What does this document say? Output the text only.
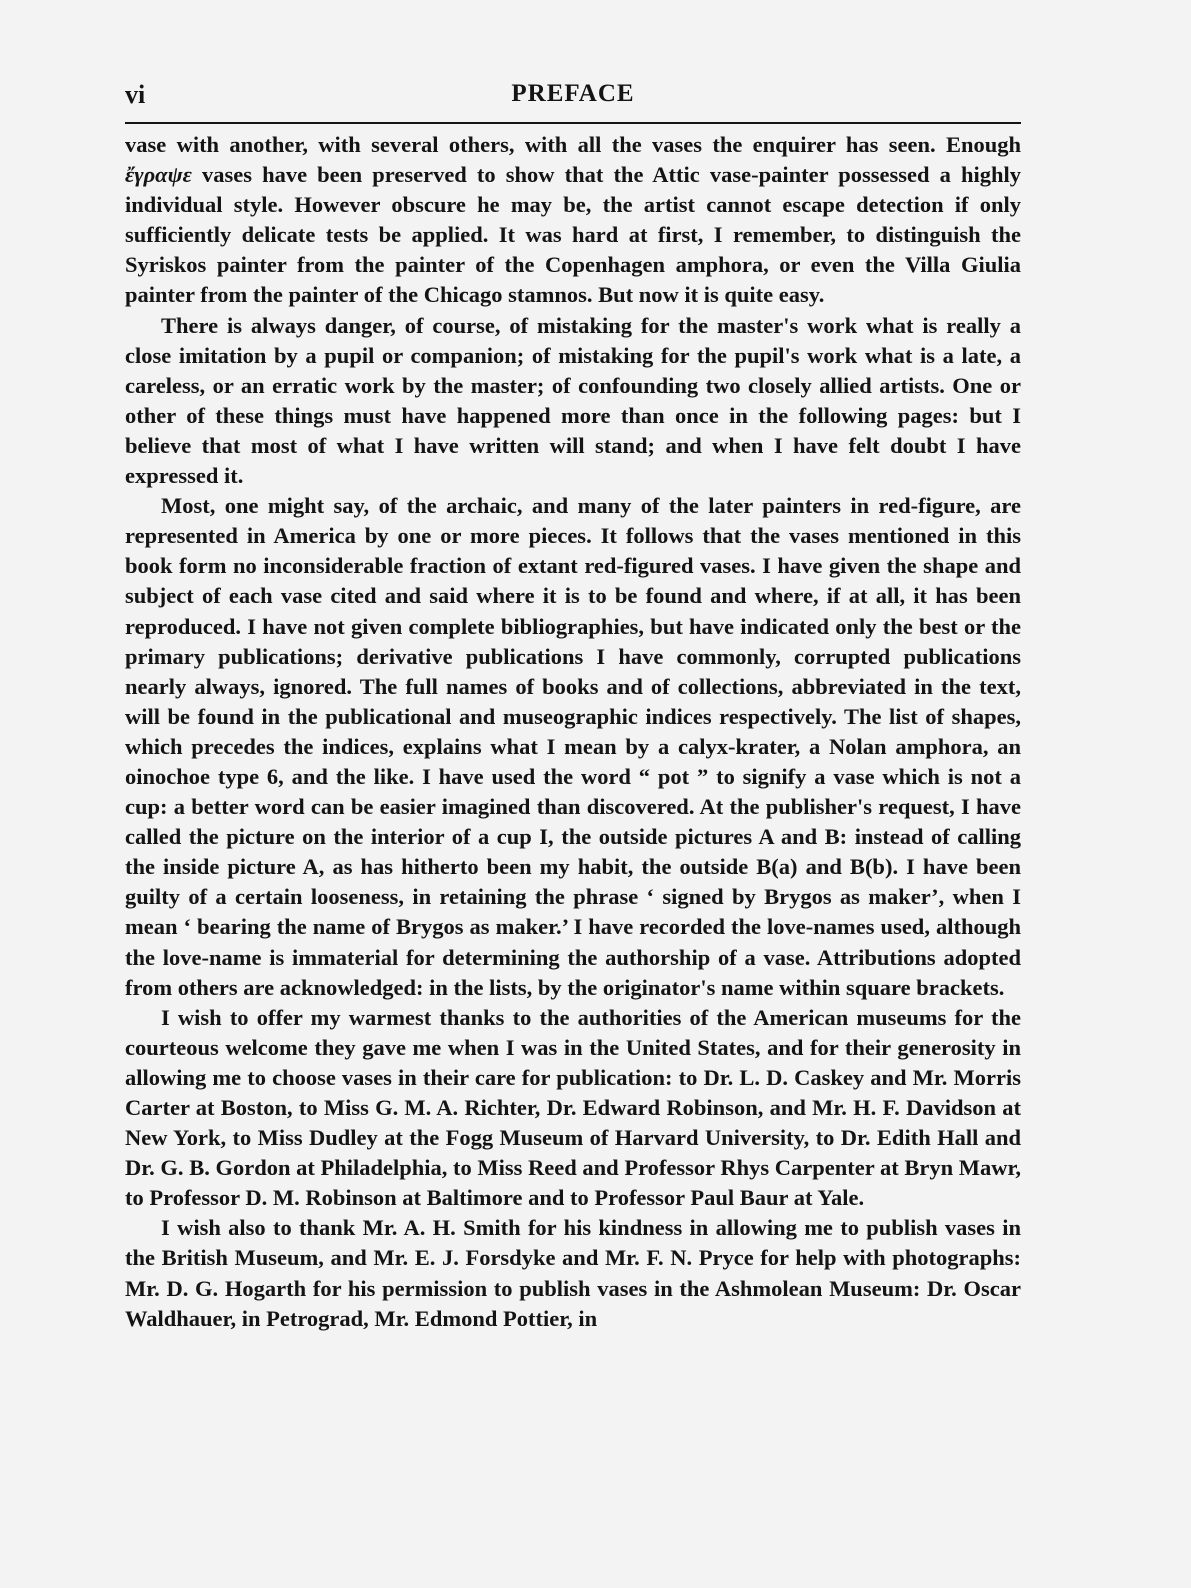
vi	PREFACE

vase with another, with several others, with all the vases the enquirer has seen. Enough ἔγραψε vases have been preserved to show that the Attic vase-painter possessed a highly individual style. However obscure he may be, the artist cannot escape detection if only sufficiently delicate tests be applied. It was hard at first, I remember, to distinguish the Syriskos painter from the painter of the Copenhagen amphora, or even the Villa Giulia painter from the painter of the Chicago stamnos. But now it is quite easy.

There is always danger, of course, of mistaking for the master's work what is really a close imitation by a pupil or companion; of mistaking for the pupil's work what is a late, a careless, or an erratic work by the master; of confounding two closely allied artists. One or other of these things must have happened more than once in the following pages: but I believe that most of what I have written will stand; and when I have felt doubt I have expressed it.

Most, one might say, of the archaic, and many of the later painters in red-figure, are represented in America by one or more pieces. It follows that the vases mentioned in this book form no inconsiderable fraction of extant red-figured vases. I have given the shape and subject of each vase cited and said where it is to be found and where, if at all, it has been reproduced. I have not given complete bibliographies, but have indicated only the best or the primary publications; derivative publications I have commonly, corrupted publications nearly always, ignored. The full names of books and of collections, abbreviated in the text, will be found in the publicational and museographic indices respectively. The list of shapes, which precedes the indices, explains what I mean by a calyx-krater, a Nolan amphora, an oinochoe type 6, and the like. I have used the word “ pot ” to signify a vase which is not a cup: a better word can be easier imagined than discovered. At the publisher's request, I have called the picture on the interior of a cup I, the outside pictures A and B: instead of calling the inside picture A, as has hitherto been my habit, the outside B(a) and B(b). I have been guilty of a certain looseness, in retaining the phrase ‘ signed by Brygos as maker’, when I mean ‘ bearing the name of Brygos as maker.’ I have recorded the love-names used, although the love-name is immaterial for determining the authorship of a vase. Attributions adopted from others are acknowledged: in the lists, by the originator's name within square brackets.

I wish to offer my warmest thanks to the authorities of the American museums for the courteous welcome they gave me when I was in the United States, and for their generosity in allowing me to choose vases in their care for publication: to Dr. L. D. Caskey and Mr. Morris Carter at Boston, to Miss G. M. A. Richter, Dr. Edward Robinson, and Mr. H. F. Davidson at New York, to Miss Dudley at the Fogg Museum of Harvard University, to Dr. Edith Hall and Dr. G. B. Gordon at Philadelphia, to Miss Reed and Professor Rhys Carpenter at Bryn Mawr, to Professor D. M. Robinson at Baltimore and to Professor Paul Baur at Yale.

I wish also to thank Mr. A. H. Smith for his kindness in allowing me to publish vases in the British Museum, and Mr. E. J. Forsdyke and Mr. F. N. Pryce for help with photographs: Mr. D. G. Hogarth for his permission to publish vases in the Ashmolean Museum: Dr. Oscar Waldhauer, in Petrograd, Mr. Edmond Pottier, in
